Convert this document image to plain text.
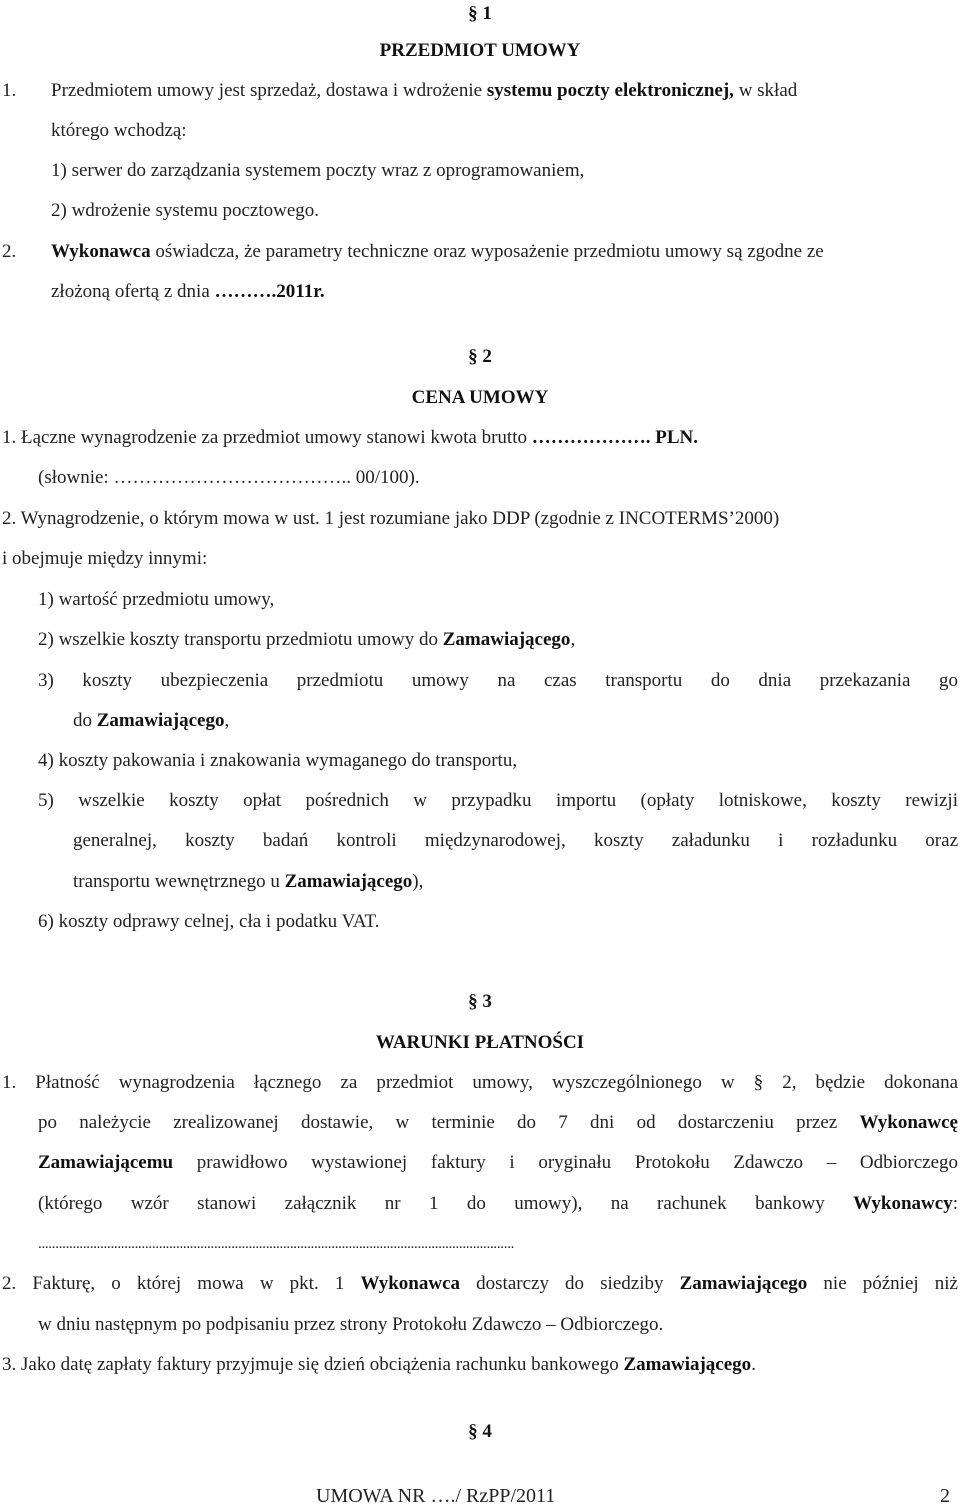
§ 1
PRZEDMIOT UMOWY
1. Przedmiotem umowy jest sprzedaż, dostawa i wdrożenie systemu poczty elektronicznej, w skład
którego wchodzą:
1) serwer do zarządzania systemem poczty wraz z oprogramowaniem,
2) wdrożenie systemu pocztowego.
2. Wykonawca oświadcza, że parametry techniczne oraz wyposażenie przedmiotu umowy są zgodne ze
złożoną ofertą z dnia ……….2011r.
§ 2
CENA UMOWY
1. Łączne wynagrodzenie za przedmiot umowy stanowi kwota brutto ………………. PLN.
(słownie: ……………………………….. 00/100).
2. Wynagrodzenie, o którym mowa w ust. 1 jest rozumiane jako DDP (zgodnie z INCOTERMS’2000)
i obejmuje między innymi:
1) wartość przedmiotu umowy,
2) wszelkie koszty transportu przedmiotu umowy do Zamawiającego,
3) koszty ubezpieczenia przedmiotu umowy na czas transportu do dnia przekazania go
do Zamawiającego,
4) koszty pakowania i znakowania wymaganego do transportu,
5) wszelkie koszty opłat pośrednich w przypadku importu (opłaty lotniskowe, koszty rewizji
generalnej, koszty badań kontroli międzynarodowej, koszty załadunku i rozładunku oraz
transportu wewnętrznego u Zamawiającego),
6) koszty odprawy celnej, cła i podatku VAT.
§ 3
WARUNKI PŁATNOŚCI
1. Płatność wynagrodzenia łącznego za przedmiot umowy, wyszczególnionego w § 2, będzie dokonana
po należycie zrealizowanej dostawie, w terminie do 7 dni od dostarczeniu przez Wykonawcę
Zamawiającemu prawidłowo wystawionej faktury i oryginału Protokołu Zdawczo – Odbiorczego
(którego wzór stanowi załącznik nr 1 do umowy), na rachunek bankowy Wykonawcy:
..........................................................................................................................................
2. Fakturę, o której mowa w pkt. 1 Wykonawca dostarczy do siedziby Zamawiającego nie później niż
w dniu następnym po podpisaniu przez strony Protokołu Zdawczo – Odbiorczego.
3. Jako datę zapłaty faktury przyjmuje się dzień obciążenia rachunku bankowego Zamawiającego.
§ 4
UMOWA NR …./ RzPP/2011	2
